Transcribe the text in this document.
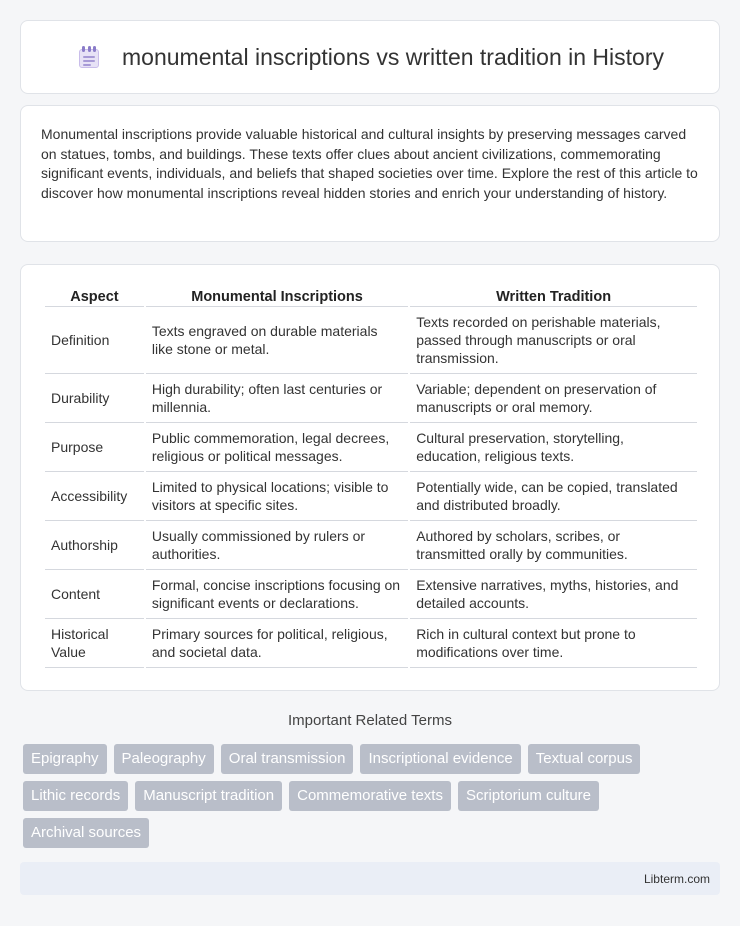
monumental inscriptions vs written tradition in History

Monumental inscriptions provide valuable historical and cultural insights by preserving messages carved on statues, tombs, and buildings. These texts offer clues about ancient civilizations, commemorating significant events, individuals, and beliefs that shaped societies over time. Explore the rest of this article to discover how monumental inscriptions reveal hidden stories and enrich your understanding of history.

Aspect	Monumental Inscriptions	Written Tradition
Definition	Texts engraved on durable materials like stone or metal.	Texts recorded on perishable materials, passed through manuscripts or oral transmission.
Durability	High durability; often last centuries or millennia.	Variable; dependent on preservation of manuscripts or oral memory.
Purpose	Public commemoration, legal decrees, religious or political messages.	Cultural preservation, storytelling, education, religious texts.
Accessibility	Limited to physical locations; visible to visitors at specific sites.	Potentially wide, can be copied, translated and distributed broadly.
Authorship	Usually commissioned by rulers or authorities.	Authored by scholars, scribes, or transmitted orally by communities.
Content	Formal, concise inscriptions focusing on significant events or declarations.	Extensive narratives, myths, histories, and detailed accounts.
Historical Value	Primary sources for political, religious, and societal data.	Rich in cultural context but prone to modifications over time.
Important Related Terms
Epigraphy	Paleography	Oral transmission	Inscriptional evidence	Textual corpus
Lithic records	Manuscript tradition	Commemorative texts	Scriptorium culture
Archival sources
Libterm.com
